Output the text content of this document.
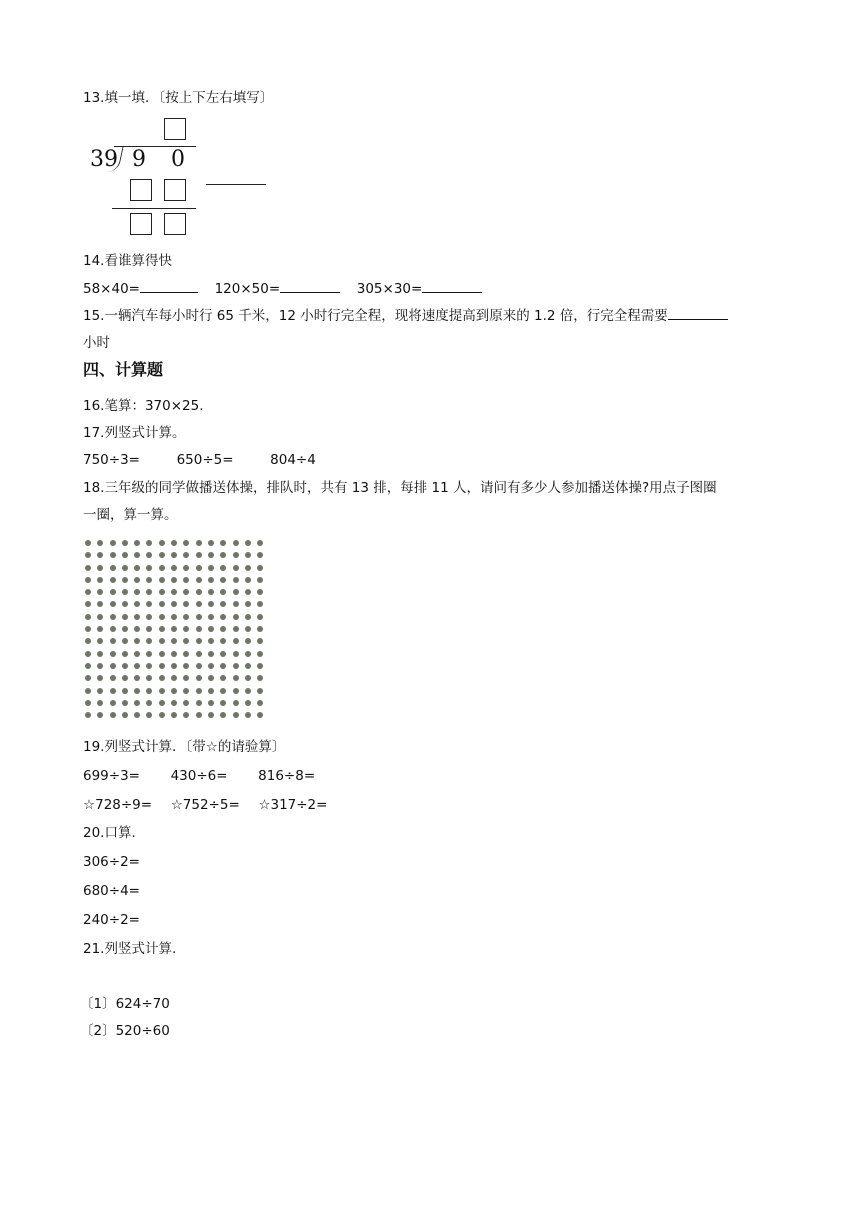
13.填一填．〔按上下左右填写〕
39 9 0
14.看谁算得快
58×40=	120×50=	305×30=
15.一辆汽车每小时行 65 千米，12 小时行完全程，现将速度提高到原来的 1.2 倍，行完全程需要
小时
四、计算题
16.笔算：370×25.
17.列竖式计算。
750÷3=	650÷5=	804÷4
18.三年级的同学做播送体操，排队时，共有 13 排，每排 11 人，请问有多少人参加播送体操?用点子图圈
一圈，算一算。
19.列竖式计算．〔带☆的请验算〕
699÷3= 430÷6= 816÷8=
☆728÷9= ☆752÷5= ☆317÷2=
20.口算.
306÷2=
680÷4=
240÷2=
21.列竖式计算.
〔1〕624÷70
〔2〕520÷60
